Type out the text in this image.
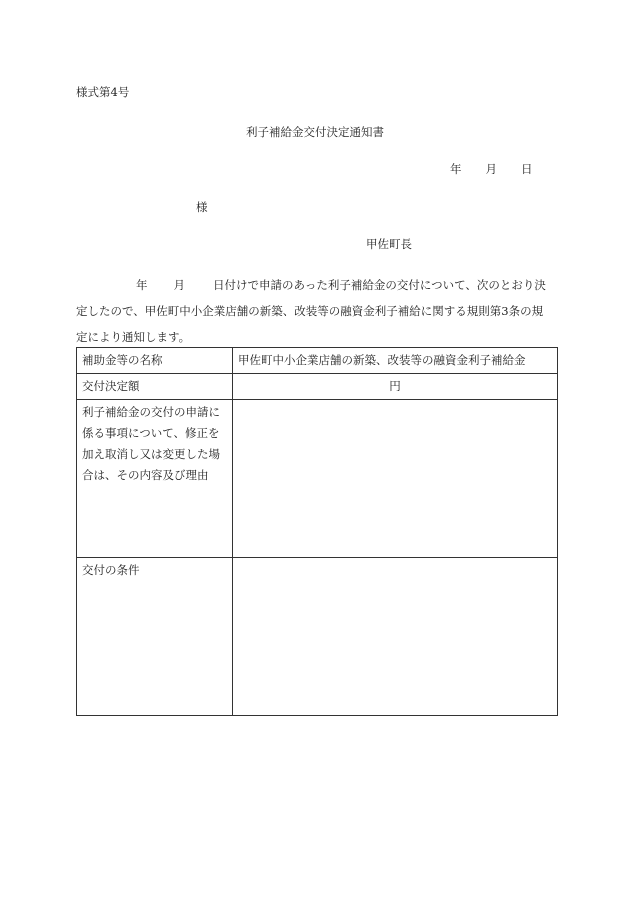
様式第4号
利子補給金交付決定通知書
年 月 日
様
甲佐町長
年 月 日付けで申請のあった利子補給金の交付について、次のとおり決
定したので、甲佐町中小企業店舗の新築、改装等の融資金利子補給に関する規則第3条の規
定により通知します。
補助金等の名称	甲佐町中小企業店舗の新築、改装等の融資金利子補給金
交付決定額	円
利子補給金の交付の申請に係る事項について、修正を加え取消し又は変更した場合は、その内容及び理由	
交付の条件	
